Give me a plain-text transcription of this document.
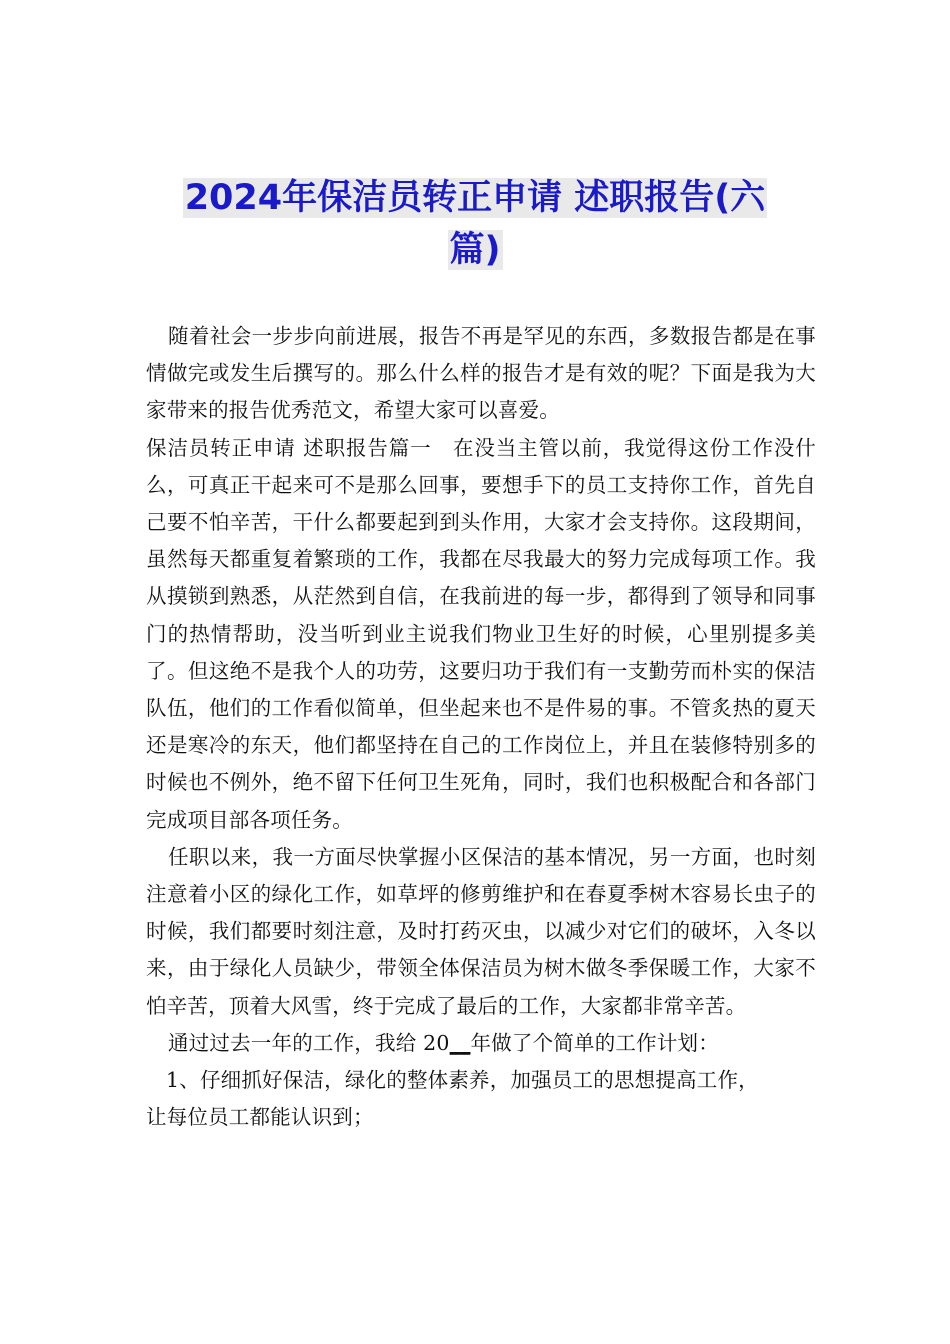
2024年保洁员转正申请 述职报告(六
篇)

随着社会一步步向前进展，报告不再是罕见的东西，多数报告都是在事情做完或发生后撰写的。那么什么样的报告才是有效的呢？下面是我为大家带来的报告优秀范文，希望大家可以喜爱。

保洁员转正申请 述职报告篇一　在没当主管以前，我觉得这份工作没什么，可真正干起来可不是那么回事，要想手下的员工支持你工作，首先自己要不怕辛苦，干什么都要起到到头作用，大家才会支持你。这段期间，虽然每天都重复着繁琐的工作，我都在尽我最大的努力完成每项工作。我从摸锁到熟悉，从茫然到自信，在我前进的每一步，都得到了领导和同事门的热情帮助，没当听到业主说我们物业卫生好的时候，心里别提多美了。但这绝不是我个人的功劳，这要归功于我们有一支勤劳而朴实的保洁队伍，他们的工作看似简单，但坐起来也不是件易的事。不管炙热的夏天还是寒冷的东天，他们都坚持在自己的工作岗位上，并且在装修特别多的时候也不例外，绝不留下任何卫生死角，同时，我们也积极配合和各部门完成项目部各项任务。

任职以来，我一方面尽快掌握小区保洁的基本情况，另一方面，也时刻注意着小区的绿化工作，如草坪的修剪维护和在春夏季树木容易长虫子的时候，我们都要时刻注意，及时打药灭虫，以减少对它们的破坏，入冬以来，由于绿化人员缺少，带领全体保洁员为树木做冬季保暖工作，大家不怕辛苦，顶着大风雪，终于完成了最后的工作，大家都非常辛苦。

通过过去一年的工作，我给 20__年做了个简单的工作计划：

1、仔细抓好保洁，绿化的整体素养，加强员工的思想提高工作，

让每位员工都能认识到；
